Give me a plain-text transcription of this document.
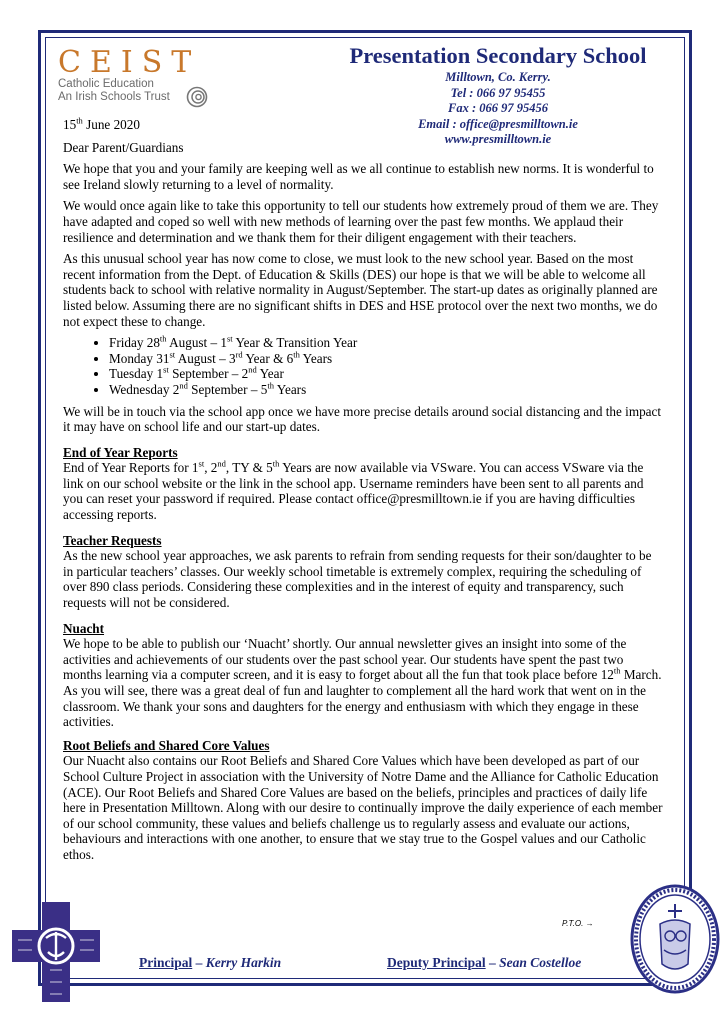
CEIST
Catholic Education
An Irish Schools Trust
Presentation Secondary School
Milltown, Co. Kerry.
Tel : 066 97 95455
Fax : 066 97 95456
Email : office@presmilltown.ie
www.presmilltown.ie

15th June 2020

Dear Parent/Guardians

We hope that you and your family are keeping well as we all continue to establish new norms. It is wonderful to see Ireland slowly returning to a level of normality.

We would once again like to take this opportunity to tell our students how extremely proud of them we are. They have adapted and coped so well with new methods of learning over the past few months. We applaud their resilience and determination and we thank them for their diligent engagement with their teachers.

As this unusual school year has now come to close, we must look to the new school year. Based on the most recent information from the Dept. of Education & Skills (DES) our hope is that we will be able to welcome all students back to school with relative normality in August/September. The start-up dates as originally planned are listed below. Assuming there are no significant shifts in DES and HSE protocol over the next two months, we do not expect these to change.

• Friday 28th August – 1st Year & Transition Year
• Monday 31st August – 3rd Year & 6th Years
• Tuesday 1st September – 2nd Year
• Wednesday 2nd September – 5th Years

We will be in touch via the school app once we have more precise details around social distancing and the impact it may have on school life and our start-up dates.

End of Year Reports

End of Year Reports for 1st, 2nd, TY & 5th Years are now available via VSware. You can access VSware via the link on our school website or the link in the school app. Username reminders have been sent to all parents and you can reset your password if required. Please contact office@presmilltown.ie if you are having difficulties accessing reports.

Teacher Requests

As the new school year approaches, we ask parents to refrain from sending requests for their son/daughter to be in particular teachers’ classes. Our weekly school timetable is extremely complex, requiring the scheduling of over 890 class periods. Considering these complexities and in the interest of equity and transparency, such requests will not be considered.

Nuacht

We hope to be able to publish our ‘Nuacht’ shortly. Our annual newsletter gives an insight into some of the activities and achievements of our students over the past school year. Our students have spent the past two months learning via a computer screen, and it is easy to forget about all the fun that took place before 12th March. As you will see, there was a great deal of fun and laughter to complement all the hard work that went on in the classroom. We thank your sons and daughters for the energy and enthusiasm with which they engage in these activities.

Root Beliefs and Shared Core Values

Our Nuacht also contains our Root Beliefs and Shared Core Values which have been developed as part of our School Culture Project in association with the University of Notre Dame and the Alliance for Catholic Education (ACE). Our Root Beliefs and Shared Core Values are based on the beliefs, principles and practices of daily life here in Presentation Milltown. Along with our desire to continually improve the daily experience of each member of our school community, these values and beliefs challenge us to regularly assess and evaluate our actions, behaviours and interactions with one another, to ensure that we stay true to the Gospel values and our Catholic ethos.

P.T.O. →
Principal – Kerry Harkin	Deputy Principal – Sean Costelloe
